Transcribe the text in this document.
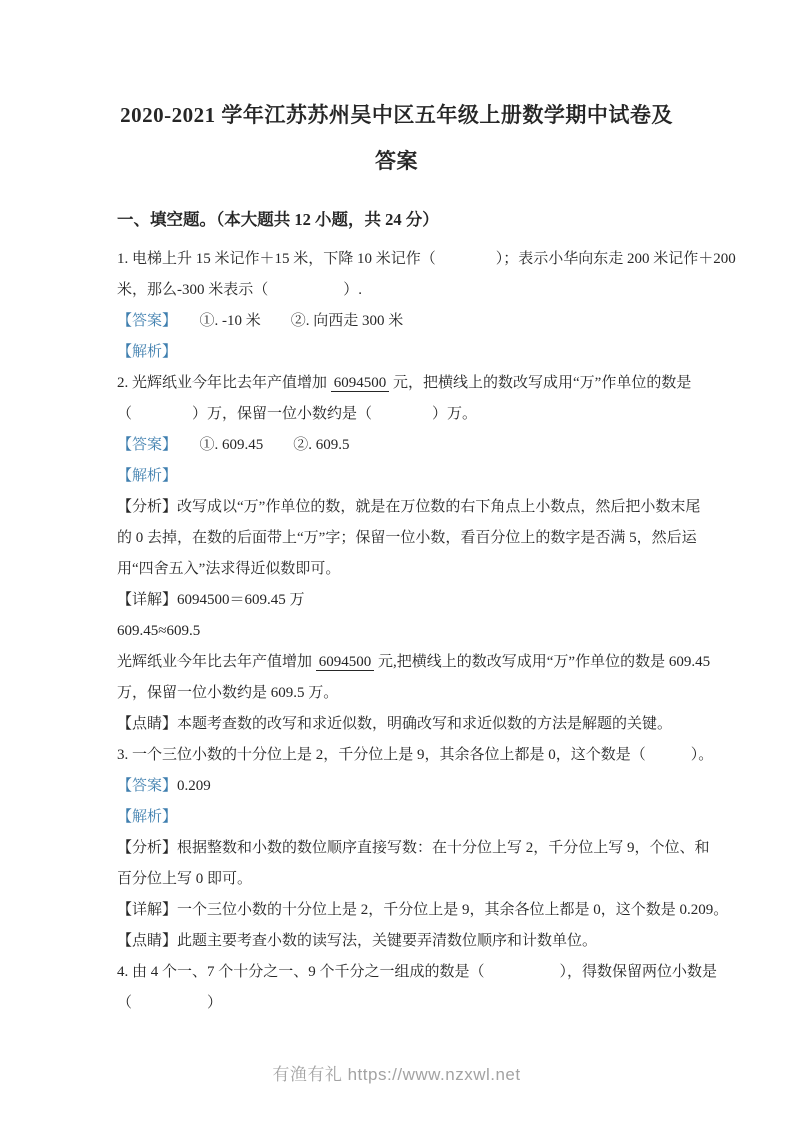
2020-2021 学年江苏苏州吴中区五年级上册数学期中试卷及
答案
一、填空题。（本大题共 12 小题，共 24 分）
1. 电梯上升 15 米记作＋15 米，下降 10 米记作（　　　　）；表示小华向东走 200 米记作＋200
米，那么-300 米表示（　　　　　）.
【答案】　　①. -10 米　　②. 向西走 300 米
【解析】
2. 光辉纸业今年比去年产值增加 6094500 元，把横线上的数改写成用“万”作单位的数是
（　　　　）万，保留一位小数约是（　　　　）万。
【答案】　　①. 609.45　　②. 609.5
【解析】
【分析】改写成以“万”作单位的数，就是在万位数的右下角点上小数点，然后把小数末尾
的 0 去掉，在数的后面带上“万”字；保留一位小数，看百分位上的数字是否满 5，然后运
用“四舍五入”法求得近似数即可。
【详解】6094500＝609.45 万
609.45≈609.5
光辉纸业今年比去年产值增加 6094500 元,把横线上的数改写成用“万”作单位的数是 609.45
万，保留一位小数约是 609.5 万。
【点睛】本题考查数的改写和求近似数，明确改写和求近似数的方法是解题的关键。
3. 一个三位小数的十分位上是 2，千分位上是 9，其余各位上都是 0，这个数是（　　　）。
【答案】0.209
【解析】
【分析】根据整数和小数的数位顺序直接写数：在十分位上写 2，千分位上写 9，个位、和
百分位上写 0 即可。
【详解】一个三位小数的十分位上是 2，千分位上是 9，其余各位上都是 0，这个数是 0.209。
【点睛】此题主要考查小数的读写法，关键要弄清数位顺序和计数单位。
4. 由 4 个一、7 个十分之一、9 个千分之一组成的数是（　　　　　），得数保留两位小数是
（　　　　　）
有渔有礼 https://www.nzxwl.net
